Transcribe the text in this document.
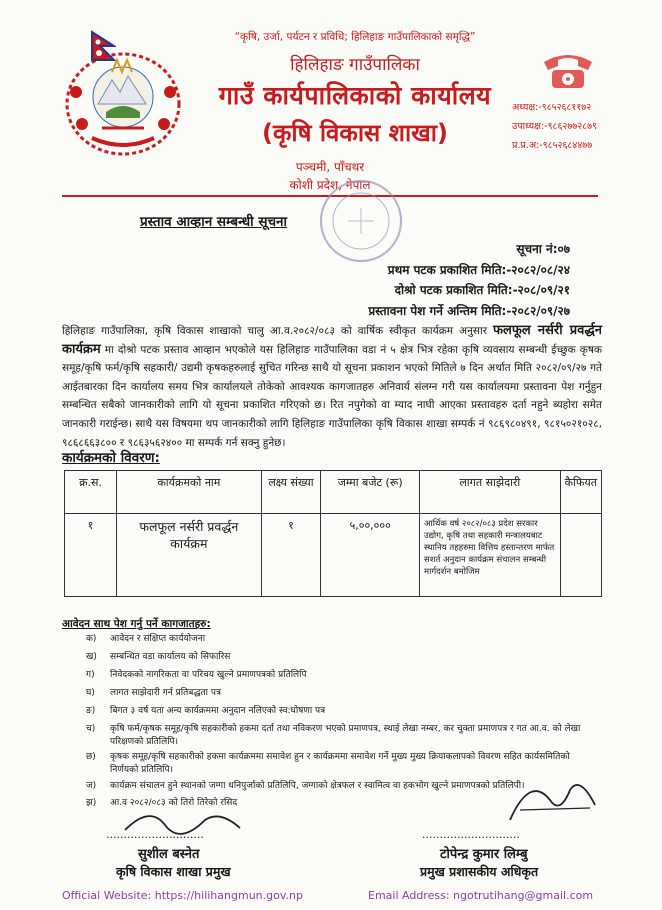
“कृषि, उर्जा, पर्यटन र प्रविधि; हिलिहाङ गाउँपालिकाको समृद्धि”
हिलिहाङ गाउँपालिका
गाउँ कार्यपालिकाको कार्यालय
(कृषि विकास शाखा)
पञ्चमी, पाँचथर
कोशी प्रदेश, नेपाल
अध्यक्ष:-९८५२६८११७२
उपाध्यक्ष:-९८६२७७२८७९
प्र.प्र.अ:-९८५२६८४४७७
प्रस्ताव आव्हान सम्बन्धी सूचना
सूचना नं:०७
प्रथम पटक प्रकाशित मिति:-२०८२/०८/२४
दोश्रो पटक प्रकाशित मिति:-२०८/०९/२१
प्रस्तावना पेश गर्ने अन्तिम मिति:-२०८२/०९/२७
हिलिहाङ गाउँपालिका, कृषि विकास शाखाको चालु आ.व.२०८२/०८३ को वार्षिक स्वीकृत कार्यक्रम अनुसार फलफूल नर्सरी प्रवर्द्धन कार्यक्रम मा दोश्रो पटक प्रस्ताव आव्हान भएकोले यस हिलिहाङ गाउँपालिका वडा नं ५ क्षेत्र भित्र रहेका कृषि व्यवसाय सम्बन्धी ईच्छुक कृषक समूह/कृषि फर्म/कृषि सहकारी/ उद्यमी कृषकहरुलाई सुचित गरिन्छ साथै यो सूचना प्रकाशन भएको मितिले ७ दिन अर्थात मिति २०८२/०९/२७ गते आईतबारका दिन कार्यालय समय भित्र कार्यालयले तोकेको आवश्यक कागजातहरु अनिवार्य संलग्न गरी यस कार्यालयमा प्रस्तावना पेश गर्नुहुन सम्बन्धित सबैको जानकारीको लागि यो सूचना प्रकाशित गरिएको छ। रित नपुगेको वा म्याद नाघी आएका प्रस्तावहरु दर्ता नहुने ब्यहोरा समेत जानकारी गराईन्छ। साथै यस विषयमा थप जानकारीको लागि हिलिहाङ गाउँपालिका कृषि विकास शाखा सम्पर्क नं ९८६९८०४९१, ९८१५०२१०२८, ९८६८६६३८०० र ९८६३५६२४०० मा सम्पर्क गर्न सक्नु हुनेछ।
कार्यक्रमको विवरण:
क्र.स.	कार्यक्रमको नाम	लक्ष्य संख्या	जम्मा बजेट (रू)	लागत साझेदारी	कैफियत
१	फलफूल नर्सरी प्रवर्द्धन कार्यक्रम	१	५,००,०००	आर्थिक वर्ष २०८२/०८३ प्रदेश सरकार उद्योग, कृषि तथा सहकारी मन्त्रालयबाट स्थानिय तहहरुमा वित्तिय हस्तान्तरण मार्फत सशर्त अनुदान कार्यक्रम संचालन सम्बन्धी मार्गदर्शन बमोजिम	
आवेदन साथ पेश गर्नु पर्ने कागजातहरु:
क) आवेदन र संक्षिप्त कार्ययोजना
ख) सम्बन्धित वडा कार्यालय को सिफारिस
ग) निवेदकको नागरिकता वा परिचय खुल्ने प्रमाणपत्रको प्रतिलिपि
घ) लागत साझेदारी गर्न प्रतिबद्धता पत्र
ङ) बिगत ३ वर्ष यता अन्य कार्यक्रममा अनुदान नलिएको स्व:घोषणा पत्र
च) कृषि फर्म/कृषक समूह/कृषि सहकारीको हकमा दर्ता तथा नविकरण भएको प्रमाणपत्र, स्थाई लेखा नम्बर, कर चुक्ता प्रमाणपत्र र गत आ.व. को लेखा परिक्षणको प्रतिलिपि।
छ) कृषक समूह/कृषि सहकारीको हकमा कार्यक्रममा समावेश हुन र कार्यक्रममा समावेश गर्ने मुख्य मुख्य क्रियाकलापको विवरण सहित कार्यसमितिको निर्णयको प्रतिलिपि।
ज) कार्यक्रम संचालन हुने स्थानको जग्गा धनिपुर्जाको प्रतिलिपि, जग्गाको क्षेत्रफल र स्वामित्व वा हकभोग खुल्ने प्रमाणपत्रको प्रतिलिपी।
झ) आ.व २०८२/०८३ को तिरो तिरेको रसिद
............................
सुशील बस्नेत
कृषि विकास शाखा प्रमुख
............................
टोपेन्द्र कुमार लिम्बु
प्रमुख प्रशासकीय अधिकृत
Official Website: https://hilihangmun.gov.np	Email Address: ngotrutihang@gmail.com
